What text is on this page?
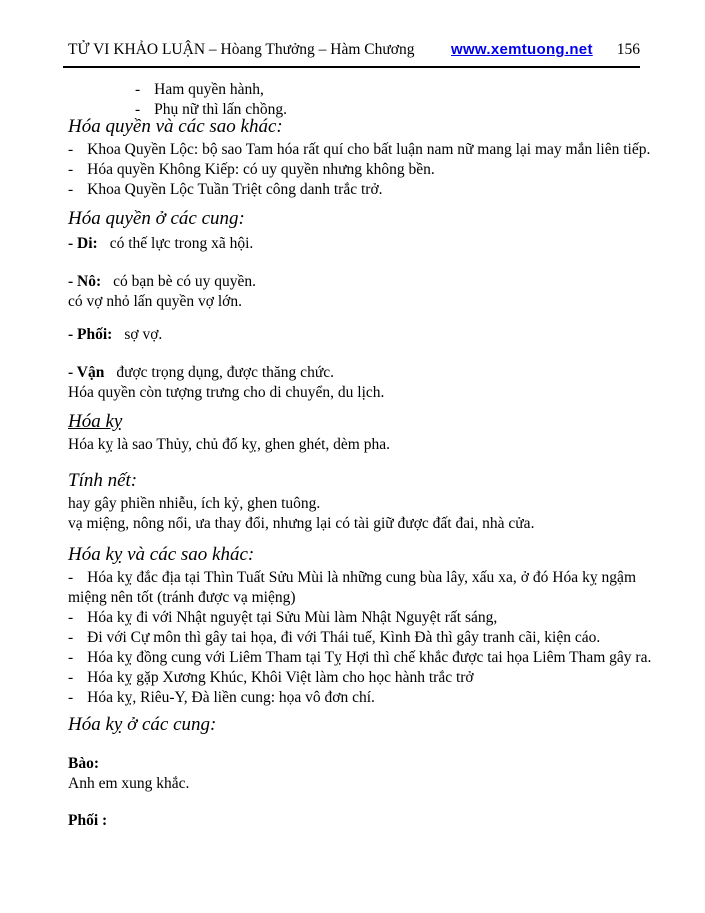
TỬ VI KHẢO LUẬN – Hòang Thưởng – Hàm Chương www.xemtuong.net 156
- Ham quyền hành,
- Phụ nữ thì lấn chồng.
Hóa quyền và các sao khác:
- Khoa Quyền Lộc: bộ sao Tam hóa rất quí cho bất luận nam nữ mang lại may mắn liên tiếp.
- Hóa quyền Không Kiếp: có uy quyền nhưng không bền.
- Khoa Quyền Lộc Tuần Triệt công danh trắc trở.
Hóa quyền ở các cung:
- Di: có thế lực trong xã hội.
- Nô: có bạn bè có uy quyền.
có vợ nhỏ lấn quyền vợ lớn.
- Phối: sợ vợ.
- Vận được trọng dụng, được thăng chức.
Hóa quyền còn tượng trưng cho di chuyển, du lịch.
Hóa kỵ
Hóa kỵ là sao Thủy, chủ đố kỵ, ghen ghét, dèm pha.
Tính nết:
hay gây phiền nhiễu, ích kỷ, ghen tuông.
vạ miệng, nông nổi, ưa thay đổi, nhưng lại có tài giữ được đất đai, nhà cửa.
Hóa kỵ và các sao khác:
- Hóa kỵ đắc địa tại Thìn Tuất Sửu Mùi là những cung bùa lây, xấu xa, ở đó Hóa kỵ ngậm miệng nên tốt (tránh được vạ miệng)
- Hóa kỵ đi với Nhật nguyệt tại Sửu Mùi làm Nhật Nguyệt rất sáng,
- Đi với Cự môn thì gây tai họa, đi với Thái tuế, Kình Đà thì gây tranh cãi, kiện cáo.
- Hóa kỵ đồng cung với Liêm Tham tại Tỵ Hợi thì chế khắc được tai họa Liêm Tham gây ra.
- Hóa kỵ gặp Xương Khúc, Khôi Việt làm cho học hành trắc trở
- Hóa kỵ, Riêu-Y, Đà liền cung: họa vô đơn chí.
Hóa kỵ ở các cung:
Bào:
Anh em xung khắc.
Phối :
